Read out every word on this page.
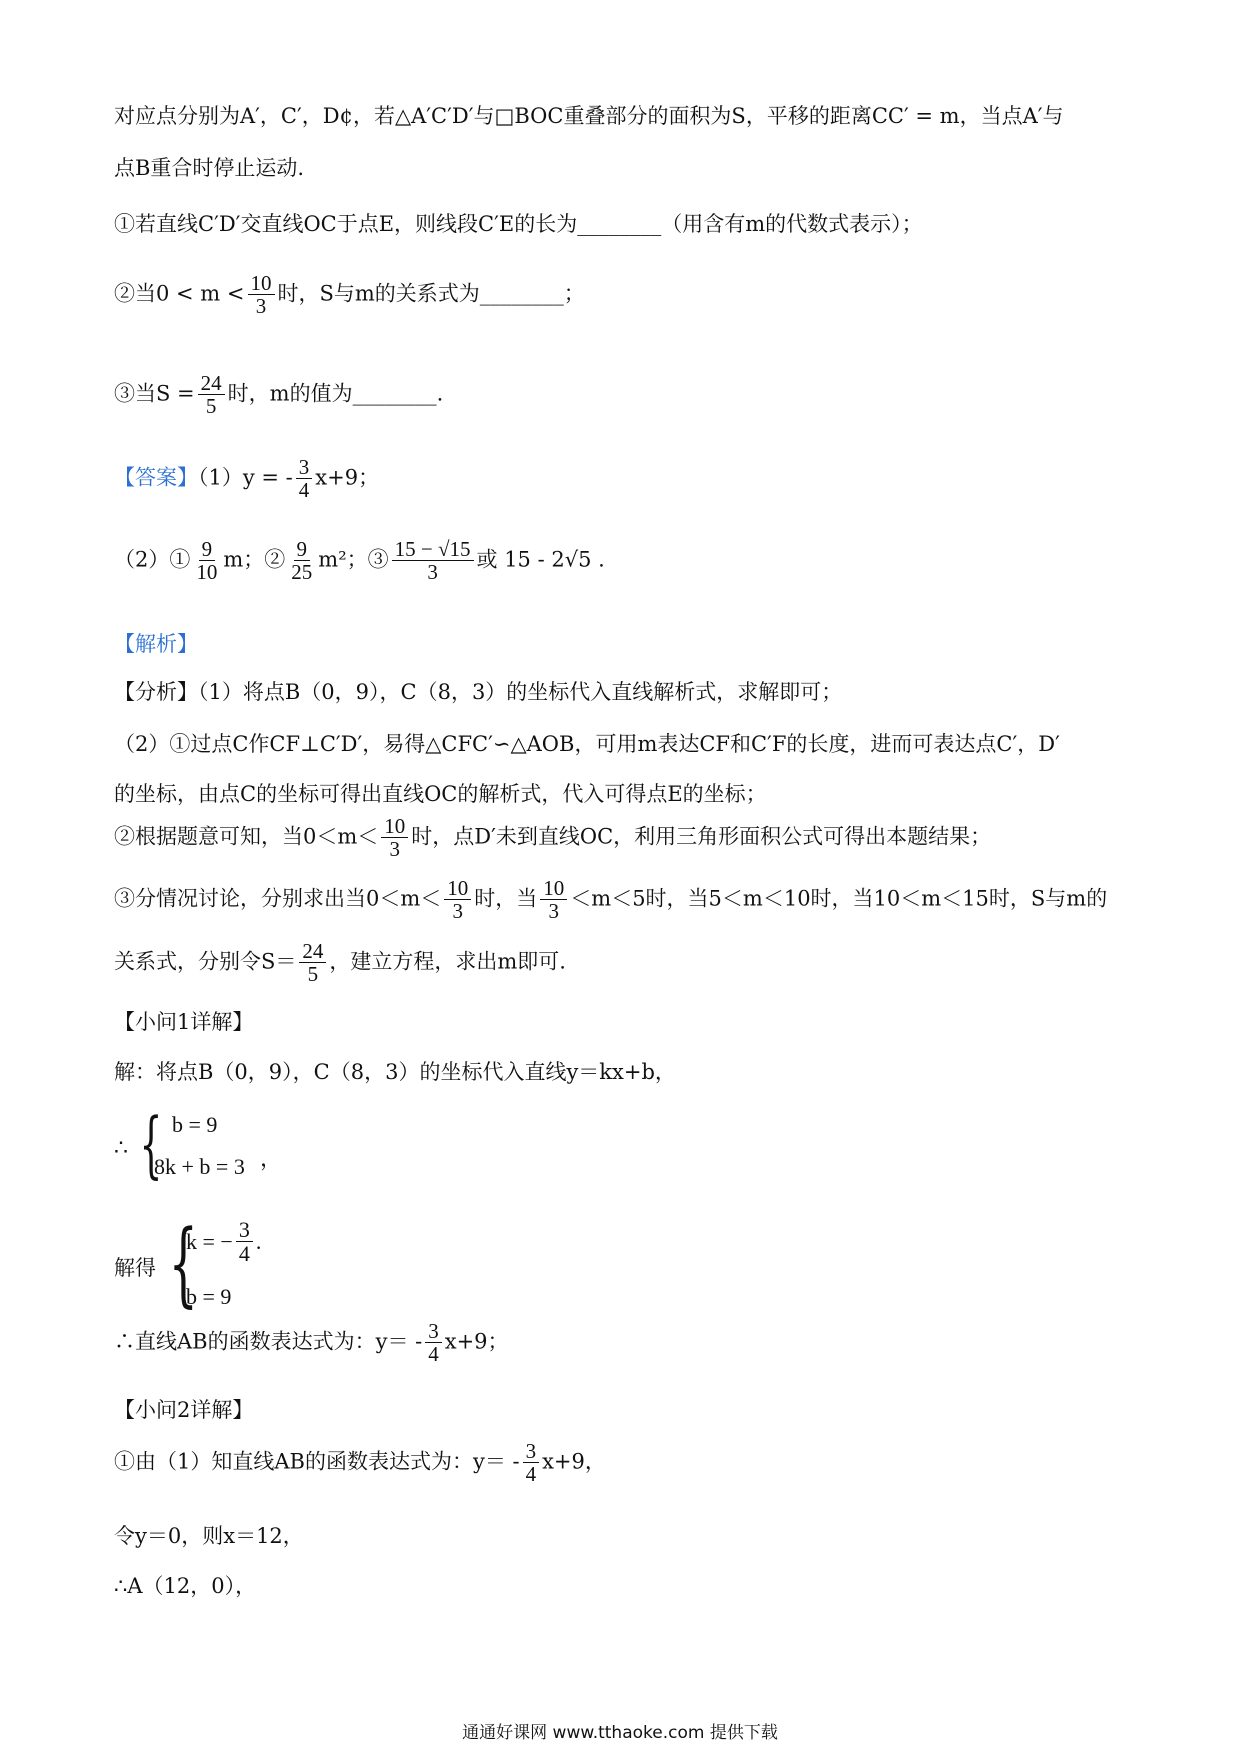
对应点分别为A′，C′，D¢，若△A′C′D′与□BOC重叠部分的面积为S，平移的距离CC′ = m，当点A′与
点B重合时停止运动.
①若直线C′D′交直线OC于点E，则线段C′E的长为________（用含有m的代数式表示）；
②当$0 < m < \frac{10}{3}$ 时，S与m的关系式为________；
③当$S = \frac{24}{5}$ 时，m的值为________.
【答案】（1）y = - $\frac{3}{4} x+9$；
（2）① $\frac{9}{10}$ m；② $\frac{9}{25} m^2$；③ $\frac{15 - √15}{3}$ 或 15 - 2√5 .
【解析】
【分析】（1）将点B（0，9），C（8，3）的坐标代入直线解析式，求解即可；
（2）①过点C作CF⊥C′D′，易得△CFC′∽△AOB，可用m表达CF和C′F的长度，进而可表达点C′，D′
的坐标，由点C的坐标可得出直线OC的解析式，代入可得点E的坐标；
②根据题意可知，当$0<m< \frac{10}{3}$ 时，点D′未到直线OC，利用三角形面积公式可得出本题结果；
③分情况讨论，分别求出当$0<m< \frac{10}{3}$ 时，当 $\frac{10}{3} <m<5$时，当5＜m＜10时，当10＜m＜15时，S与m的
关系式，分别令$S= \frac{24}{5}$ ，建立方程，求出m即可.
【小问1详解】
解：将点B（0，9），C（8，3）的坐标代入直线y＝kx+b，
∴ { b = 9
8k + b = 3 ，
解得 {
k = − $\frac{3}{4}$ .
b = 9
∴直线AB的函数表达式为：$y= - \frac{3}{4} x+9$；
【小问2详解】
①由（1）知直线AB的函数表达式为：$y= - \frac{3}{4} x+9$，
令y＝0，则x＝12，
∴A（12，0），
通通好课网 www.tthaoke.com 提供下载
